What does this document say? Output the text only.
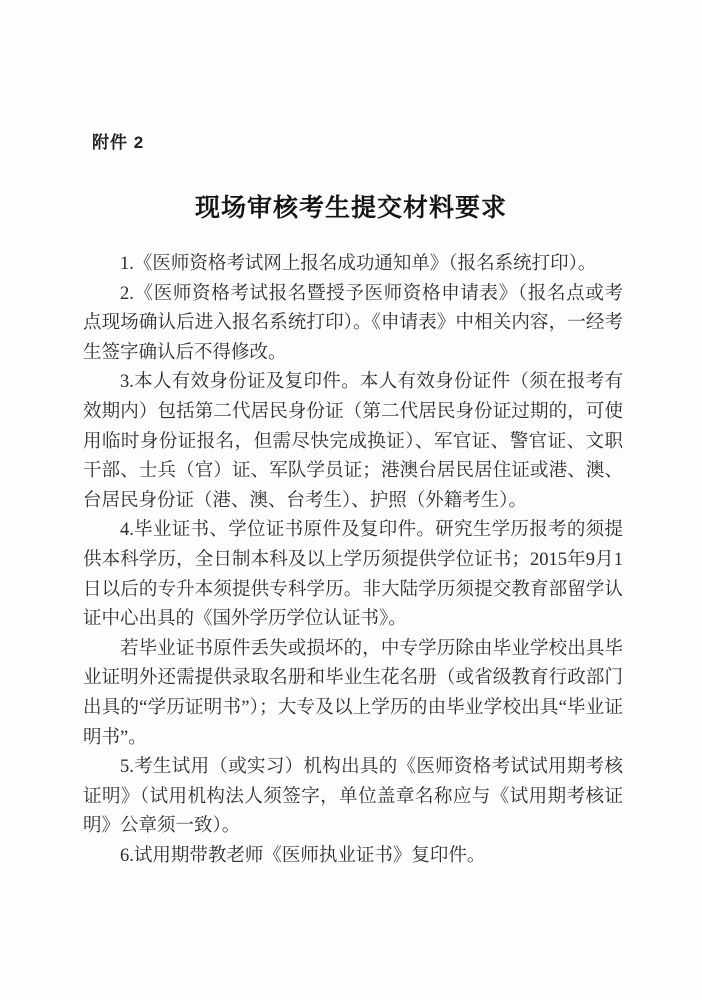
附件 2
现场审核考生提交材料要求

1.《医师资格考试网上报名成功通知单》（报名系统打印）。

2.《医师资格考试报名暨授予医师资格申请表》（报名点或考点现场确认后进入报名系统打印）。《申请表》中相关内容，一经考生签字确认后不得修改。

3.本人有效身份证及复印件。本人有效身份证件（须在报考有效期内）包括第二代居民身份证（第二代居民身份证过期的，可使用临时身份证报名，但需尽快完成换证）、军官证、警官证、文职干部、士兵（官）证、军队学员证；港澳台居民居住证或港、澳、台居民身份证（港、澳、台考生）、护照（外籍考生）。

4.毕业证书、学位证书原件及复印件。研究生学历报考的须提供本科学历，全日制本科及以上学历须提供学位证书；2015年9月1日以后的专升本须提供专科学历。非大陆学历须提交教育部留学认证中心出具的《国外学历学位认证书》。

若毕业证书原件丢失或损坏的，中专学历除由毕业学校出具毕业证明外还需提供录取名册和毕业生花名册（或省级教育行政部门出具的“学历证明书”）；大专及以上学历的由毕业学校出具“毕业证明书”。

5.考生试用（或实习）机构出具的《医师资格考试试用期考核证明》（试用机构法人须签字，单位盖章名称应与《试用期考核证明》公章须一致）。

6.试用期带教老师《医师执业证书》复印件。
